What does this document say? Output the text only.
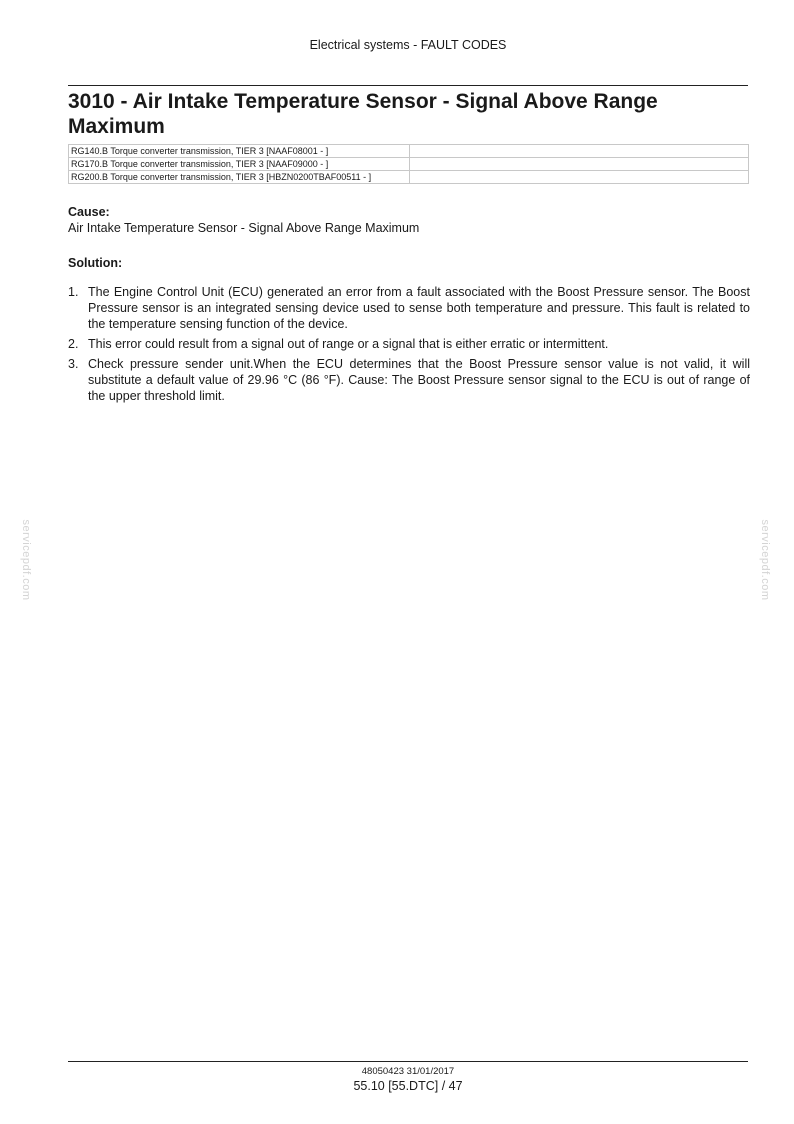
Electrical systems - FAULT CODES
3010 - Air Intake Temperature Sensor - Signal Above Range Maximum
RG140.B Torque converter transmission, TIER 3 [NAAF08001 - ]	
RG170.B Torque converter transmission, TIER 3 [NAAF09000 - ]	
RG200.B Torque converter transmission, TIER 3 [HBZN0200TBAF00511 - ]	
Cause:
Air Intake Temperature Sensor - Signal Above Range Maximum
Solution:
1. The Engine Control Unit (ECU) generated an error from a fault associated with the Boost Pressure sensor. The Boost Pressure sensor is an integrated sensing device used to sense both temperature and pressure. This fault is related to the temperature sensing function of the device.
2. This error could result from a signal out of range or a signal that is either erratic or intermittent.
3. Check pressure sender unit.When the ECU determines that the Boost Pressure sensor value is not valid, it will substitute a default value of 29.96 °C (86 °F). Cause: The Boost Pressure sensor signal to the ECU is out of range of the upper threshold limit.
servicepdf.com	servicepdf.com
48050423 31/01/2017
55.10 [55.DTC] / 47
